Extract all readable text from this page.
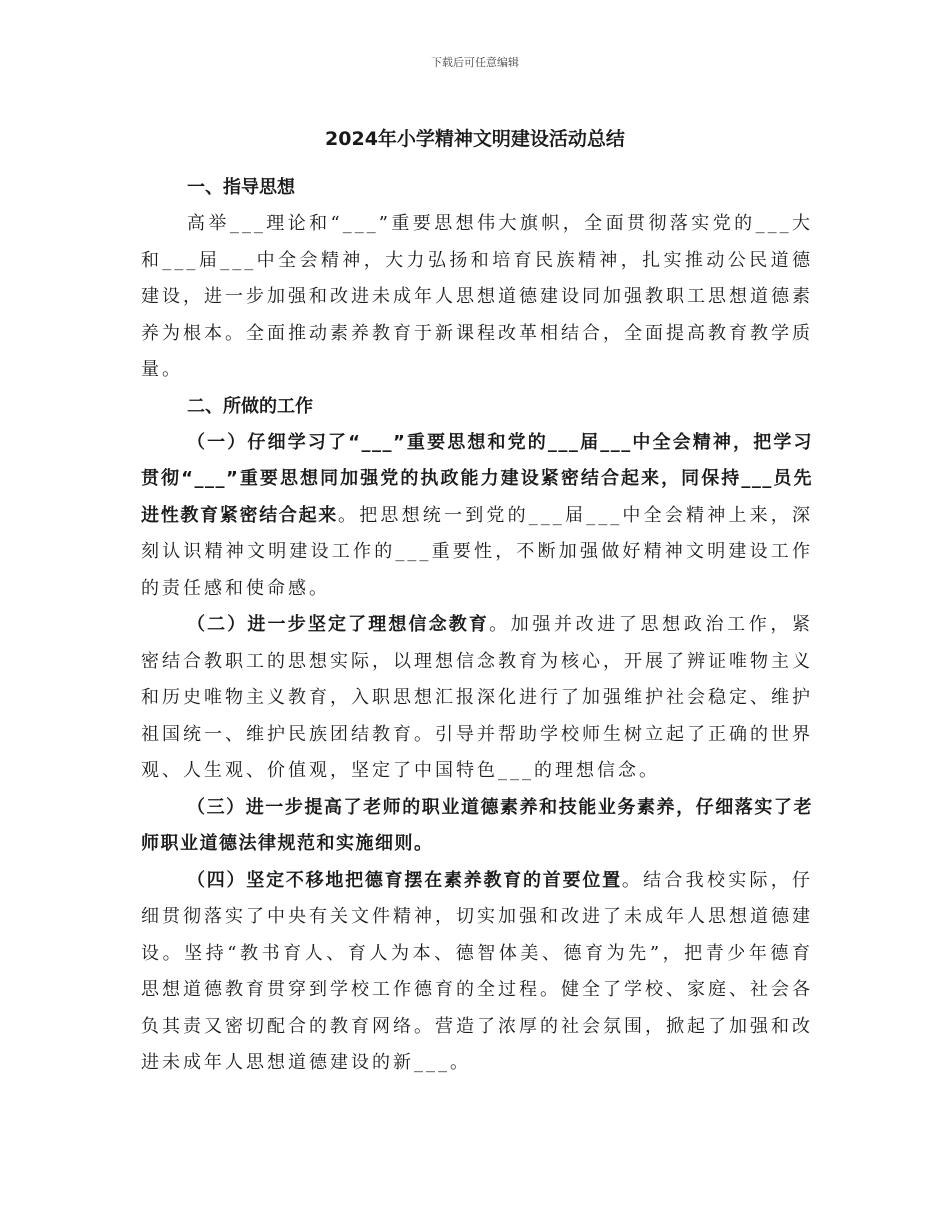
下载后可任意编辑
2024年小学精神文明建设活动总结
一、指导思想

高举___理论和“___”重要思想伟大旗帜，全面贯彻落实党的___大和___届___中全会精神，大力弘扬和培育民族精神，扎实推动公民道德建设，进一步加强和改进未成年人思想道德建设同加强教职工思想道德素养为根本。全面推动素养教育于新课程改革相结合，全面提高教育教学质量。

二、所做的工作

（一）仔细学习了“___”重要思想和党的___届___中全会精神，把学习贯彻“___”重要思想同加强党的执政能力建设紧密结合起来，同保持___员先进性教育紧密结合起来。把思想统一到党的___届___中全会精神上来，深刻认识精神文明建设工作的___重要性，不断加强做好精神文明建设工作的责任感和使命感。

（二）进一步坚定了理想信念教育。加强并改进了思想政治工作，紧密结合教职工的思想实际，以理想信念教育为核心，开展了辨证唯物主义和历史唯物主义教育，入职思想汇报深化进行了加强维护社会稳定、维护祖国统一、维护民族团结教育。引导并帮助学校师生树立起了正确的世界观、人生观、价值观，坚定了中国特色___的理想信念。

（三）进一步提高了老师的职业道德素养和技能业务素养，仔细落实了老师职业道德法律规范和实施细则。

（四）坚定不移地把德育摆在素养教育的首要位置。结合我校实际，仔细贯彻落实了中央有关文件精神，切实加强和改进了未成年人思想道德建设。坚持“教书育人、育人为本、德智体美、德育为先”，把青少年德育思想道德教育贯穿到学校工作德育的全过程。健全了学校、家庭、社会各负其责又密切配合的教育网络。营造了浓厚的社会氛围，掀起了加强和改进未成年人思想道德建设的新___。
